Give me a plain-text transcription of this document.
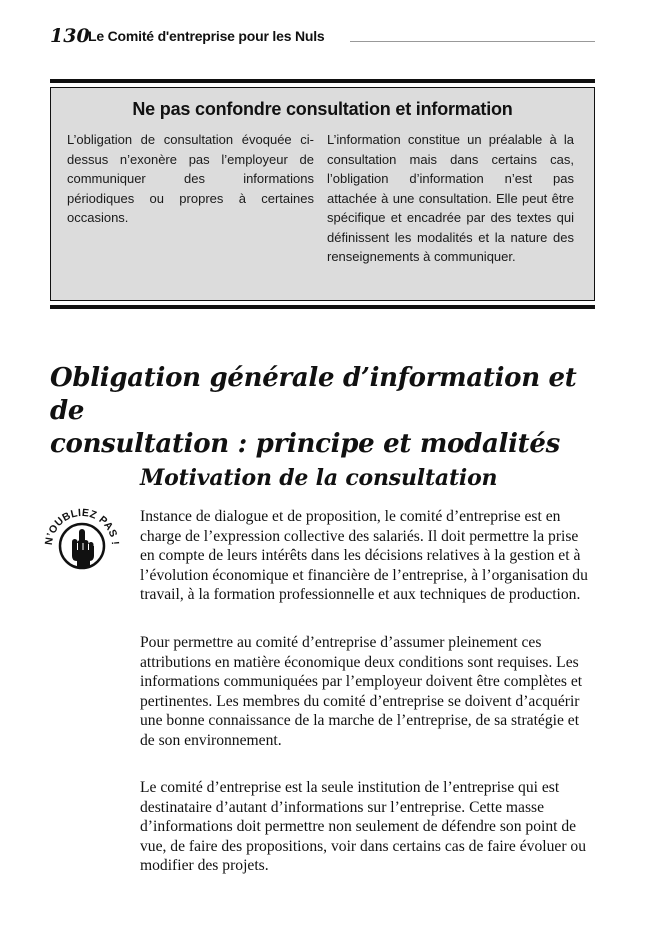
130
Le Comité d'entreprise pour les Nuls
Ne pas confondre consultation et information
L’obligation de consultation évoquée ci-dessus n’exonère pas l’employeur de communiquer des informations périodiques ou propres à certaines occasions.
L’information constitue un préalable à la consultation mais dans certains cas, l’obligation d’information n’est pas attachée à une consultation. Elle peut être spécifique et encadrée par des textes qui définissent les modalités et la nature des renseignements à communiquer.
Obligation générale d’information et de
consultation : principe et modalités
Motivation de la consultation
N’OUBLIEZ PAS !
Instance de dialogue et de proposition, le comité d’entreprise est en charge de l’expression collective des salariés. Il doit permettre la prise en compte de leurs intérêts dans les décisions relatives à la gestion et à l’évolution économique et financière de l’entreprise, à l’organisation du travail, à la formation professionnelle et aux techniques de production.
Pour permettre au comité d’entreprise d’assumer pleinement ces attributions en matière économique deux conditions sont requises. Les informations communiquées par l’employeur doivent être complètes et pertinentes. Les membres du comité d’entreprise se doivent d’acquérir une bonne connaissance de la marche de l’entreprise, de sa stratégie et de son environnement.
Le comité d’entreprise est la seule institution de l’entreprise qui est destinataire d’autant d’informations sur l’entreprise. Cette masse d’informations doit permettre non seulement de défendre son point de vue, de faire des propositions, voir dans certains cas de faire évoluer ou modifier des projets.
